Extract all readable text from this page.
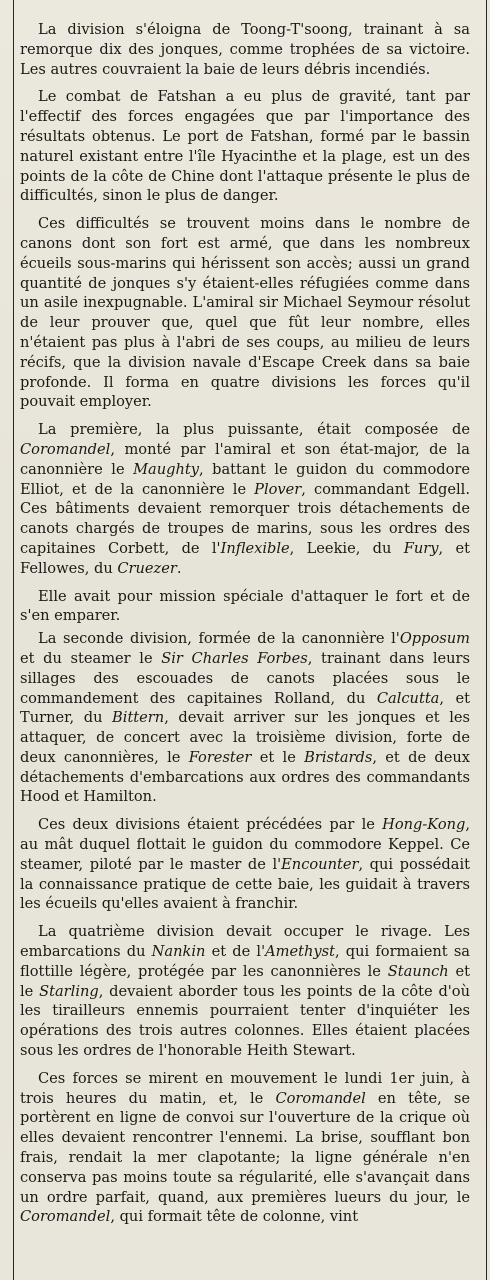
La division s'éloigna de Toong-T'soong, trainant à sa remorque dix des jonques, comme trophées de sa victoire. Les autres couvraient la baie de leurs débris incendiés.

Le combat de Fatshan a eu plus de gravité, tant par l'effectif des forces engagées que par l'importance des résultats obtenus. Le port de Fatshan, formé par le bassin naturel existant entre l'île Hyacinthe et la plage, est un des points de la côte de Chine dont l'attaque présente le plus de difficultés, sinon le plus de danger.

Ces difficultés se trouvent moins dans le nombre de canons dont son fort est armé, que dans les nombreux écueils sous-marins qui hérissent son accès; aussi un grand quantité de jonques s'y étaient-elles réfugiées comme dans un asile inexpugnable. L'amiral sir Michael Seymour résolut de leur prouver que, quel que fût leur nombre, elles n'étaient pas plus à l'abri de ses coups, au milieu de leurs récifs, que la division navale d'Escape Creek dans sa baie profonde. Il forma en quatre divisions les forces qu'il pouvait employer.

La première, la plus puissante, était composée de Coromandel, monté par l'amiral et son état-major, de la canonnière le Maughty, battant le guidon du commodore Elliot, et de la canonnière le Plover, commandant Edgell. Ces bâtiments devaient remorquer trois détachements de canots chargés de troupes de marins, sous les ordres des capitaines Corbett, de l'Inflexible, Leekie, du Fury, et Fellowes, du Cruezer.

Elle avait pour mission spéciale d'attaquer le fort et de s'en emparer.

La seconde division, formée de la canonnière l'Opposum et du steamer le Sir Charles Forbes, trainant dans leurs sillages des escouades de canots placées sous le commandement des capitaines Rolland, du Calcutta, et Turner, du Bittern, devait arriver sur les jonques et les attaquer, de concert avec la troisième division, forte de deux canonnières, le Forester et le Bristards, et de deux détachements d'embarcations aux ordres des commandants Hood et Hamilton.

Ces deux divisions étaient précédées par le Hong-Kong, au mât duquel flottait le guidon du commodore Keppel. Ce steamer, piloté par le master de l'Encounter, qui possédait la connaissance pratique de cette baie, les guidait à travers les écueils qu'elles avaient à franchir.

La quatrième division devait occuper le rivage. Les embarcations du Nankin et de l'Amethyst, qui formaient sa flottille légère, protégée par les canonnières le Staunch et le Starling, devaient aborder tous les points de la côte d'où les tirailleurs ennemis pourraient tenter d'inquiéter les opérations des trois autres colonnes. Elles étaient placées sous les ordres de l'honorable Heith Stewart.

Ces forces se mirent en mouvement le lundi 1er juin, à trois heures du matin, et, le Coromandel en tête, se portèrent en ligne de convoi sur l'ouverture de la crique où elles devaient rencontrer l'ennemi. La brise, soufflant bon frais, rendait la mer clapotante; la ligne générale n'en conserva pas moins toute sa régularité, elle s'avançait dans un ordre parfait, quand, aux premières lueurs du jour, le Coromandel, qui formait tête de colonne, vint
